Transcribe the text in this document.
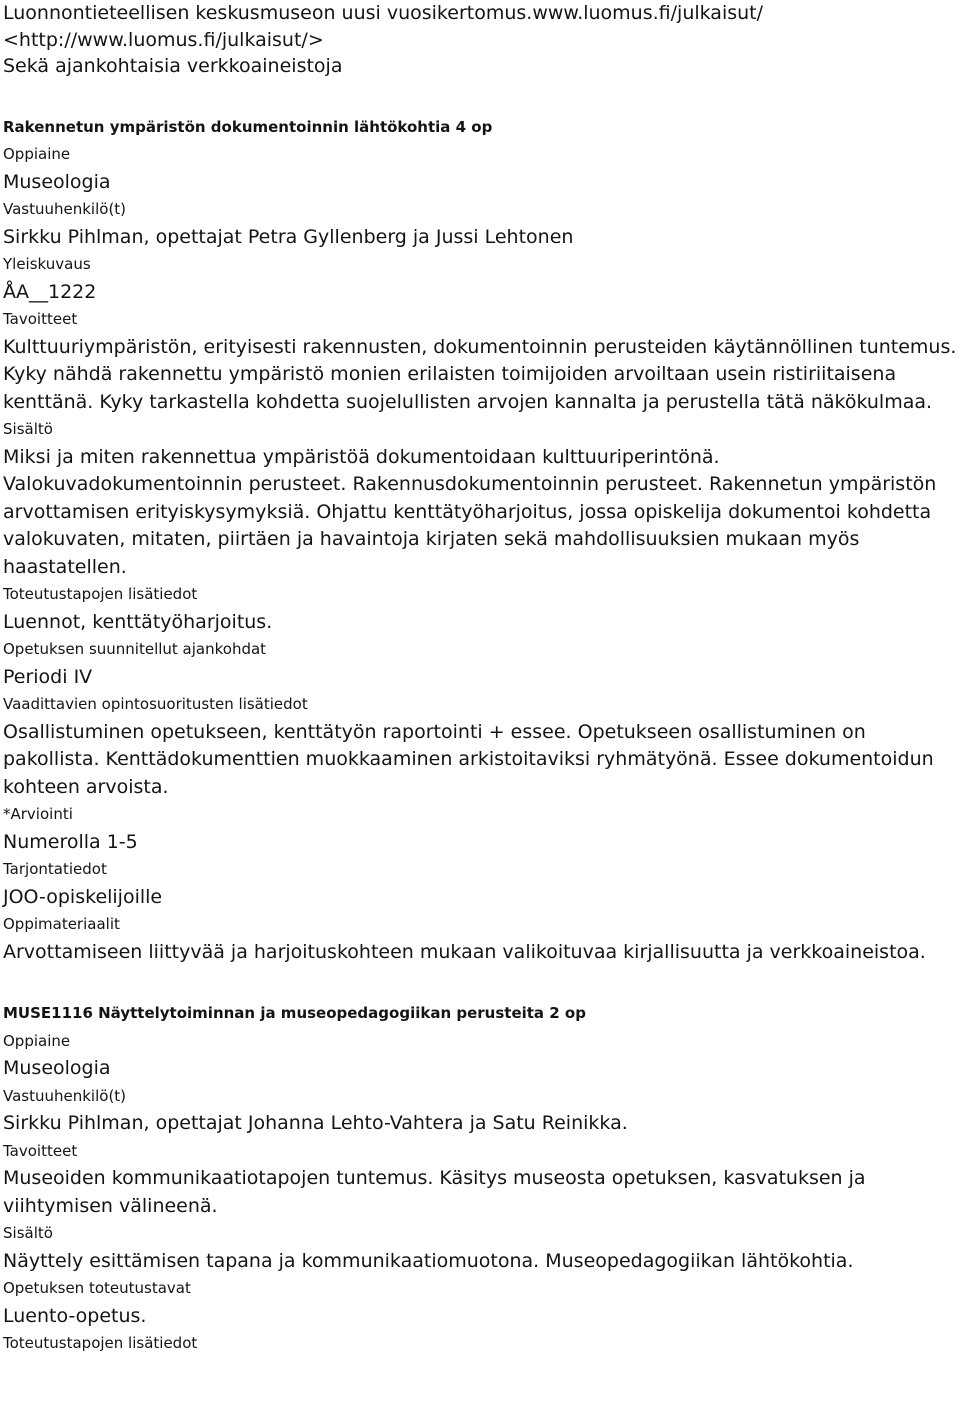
Luonnontieteellisen keskusmuseon uusi vuosikertomus.www.luomus.fi/julkaisut/

<http://www.luomus.fi/julkaisut/>

Sekä ajankohtaisia verkkoaineistoja

Rakennetun ympäristön dokumentoinnin lähtökohtia 4 op

Oppiaine

Museologia

Vastuuhenkilö(t)

Sirkku Pihlman, opettajat Petra Gyllenberg ja Jussi Lehtonen

Yleiskuvaus

ÅA__1222

Tavoitteet

Kulttuuriympäristön, erityisesti rakennusten, dokumentoinnin perusteiden käytännöllinen tuntemus. Kyky nähdä rakennettu ympäristö monien erilaisten toimijoiden arvoiltaan usein ristiriitaisena kenttänä. Kyky tarkastella kohdetta suojelullisten arvojen kannalta ja perustella tätä näkökulmaa.

Sisältö

Miksi ja miten rakennettua ympäristöä dokumentoidaan kulttuuriperintönä. Valokuvadokumentoinnin perusteet. Rakennusdokumentoinnin perusteet. Rakennetun ympäristön arvottamisen erityiskysymyksiä. Ohjattu kenttätyöharjoitus, jossa opiskelija dokumentoi kohdetta valokuvaten, mitaten, piirtäen ja havaintoja kirjaten sekä mahdollisuuksien mukaan myös haastatellen.

Toteutustapojen lisätiedot

Luennot, kenttätyöharjoitus.

Opetuksen suunnitellut ajankohdat

Periodi IV

Vaadittavien opintosuoritusten lisätiedot

Osallistuminen opetukseen, kenttätyön raportointi + essee. Opetukseen osallistuminen on pakollista. Kenttädokumenttien muokkaaminen arkistoitaviksi ryhmätyönä. Essee dokumentoidun kohteen arvoista.

*Arviointi

Numerolla 1-5

Tarjontatiedot

JOO-opiskelijoille

Oppimateriaalit

Arvottamiseen liittyvää ja harjoituskohteen mukaan valikoituvaa kirjallisuutta ja verkkoaineistoa.

MUSE1116 Näyttelytoiminnan ja museopedagogiikan perusteita 2 op

Oppiaine

Museologia

Vastuuhenkilö(t)

Sirkku Pihlman, opettajat Johanna Lehto-Vahtera ja Satu Reinikka.

Tavoitteet

Museoiden kommunikaatiotapojen tuntemus. Käsitys museosta opetuksen, kasvatuksen ja viihtymisen välineenä.

Sisältö

Näyttely esittämisen tapana ja kommunikaatiomuotona. Museopedagogiikan lähtökohtia.

Opetuksen toteutustavat

Luento-opetus.

Toteutustapojen lisätiedot
